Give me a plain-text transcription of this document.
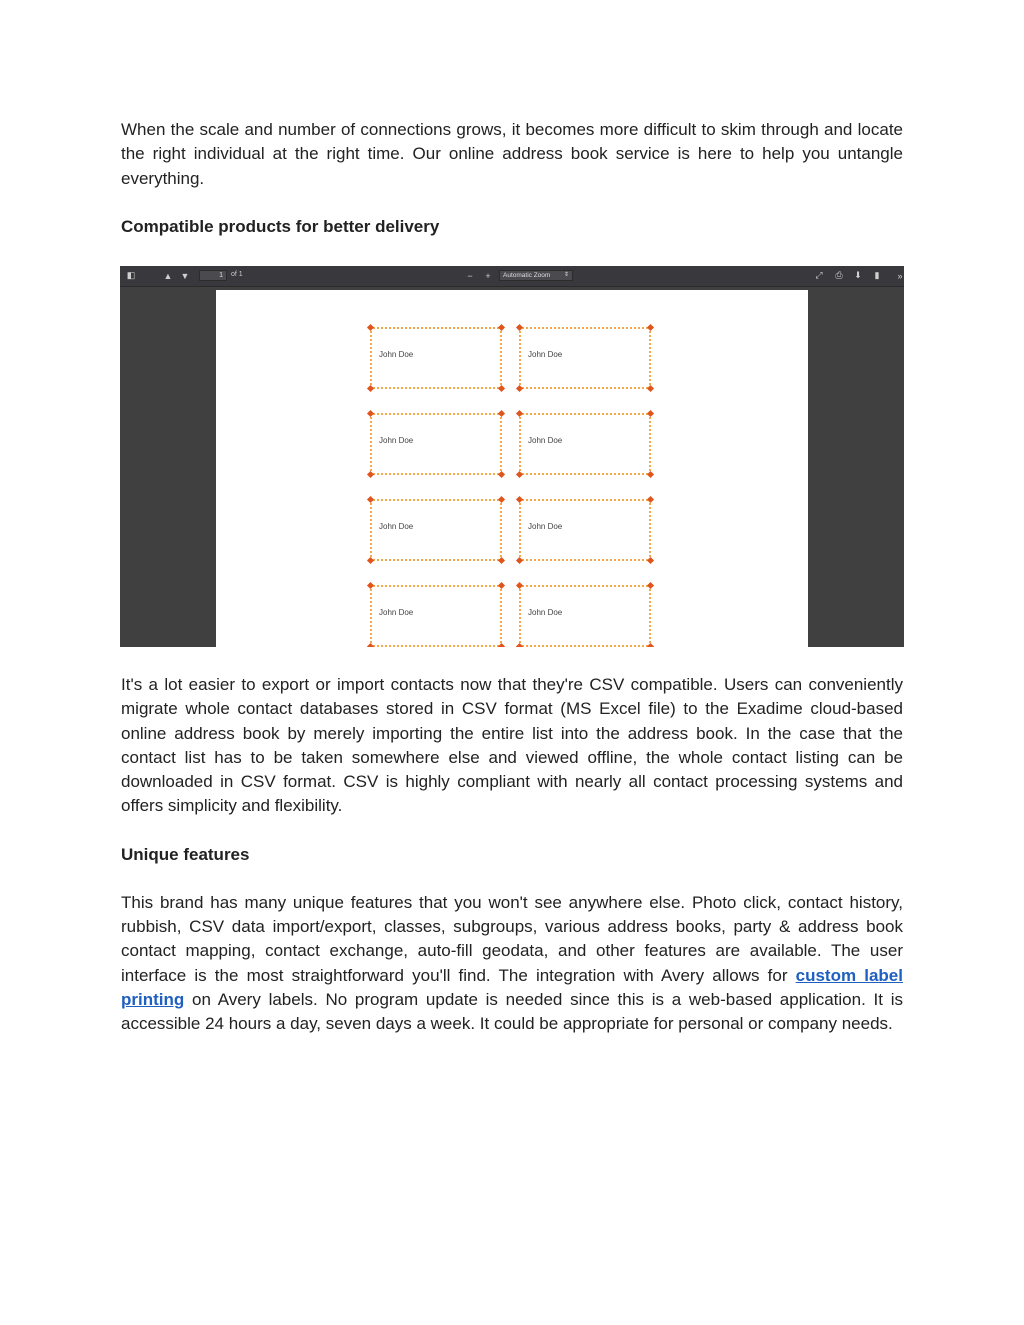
When the scale and number of connections grows, it becomes more difficult to skim through and locate the right individual at the right time. Our online address book service is here to help you untangle everything.

Compatible products for better delivery

◧	▲ ▼	1	of 1	−	+	Automatic Zoom ⇕	⤢ ⎙ ⬇	▮	»
John Doe	John Doe
John Doe	John Doe
John Doe	John Doe
John Doe	John Doe

It's a lot easier to export or import contacts now that they're CSV compatible. Users can conveniently migrate whole contact databases stored in CSV format (MS Excel file) to the Exadime cloud-based online address book by merely importing the entire list into the address book. In the case that the contact list has to be taken somewhere else and viewed offline, the whole contact listing can be downloaded in CSV format. CSV is highly compliant with nearly all contact processing systems and offers simplicity and flexibility.

Unique features

This brand has many unique features that you won't see anywhere else. Photo click, contact history, rubbish, CSV data import/export, classes, subgroups, various address books, party & address book contact mapping, contact exchange, auto-fill geodata, and other features are available. The user interface is the most straightforward you'll find. The integration with Avery allows for custom label printing on Avery labels. No program update is needed since this is a web-based application. It is accessible 24 hours a day, seven days a week. It could be appropriate for personal or company needs.
